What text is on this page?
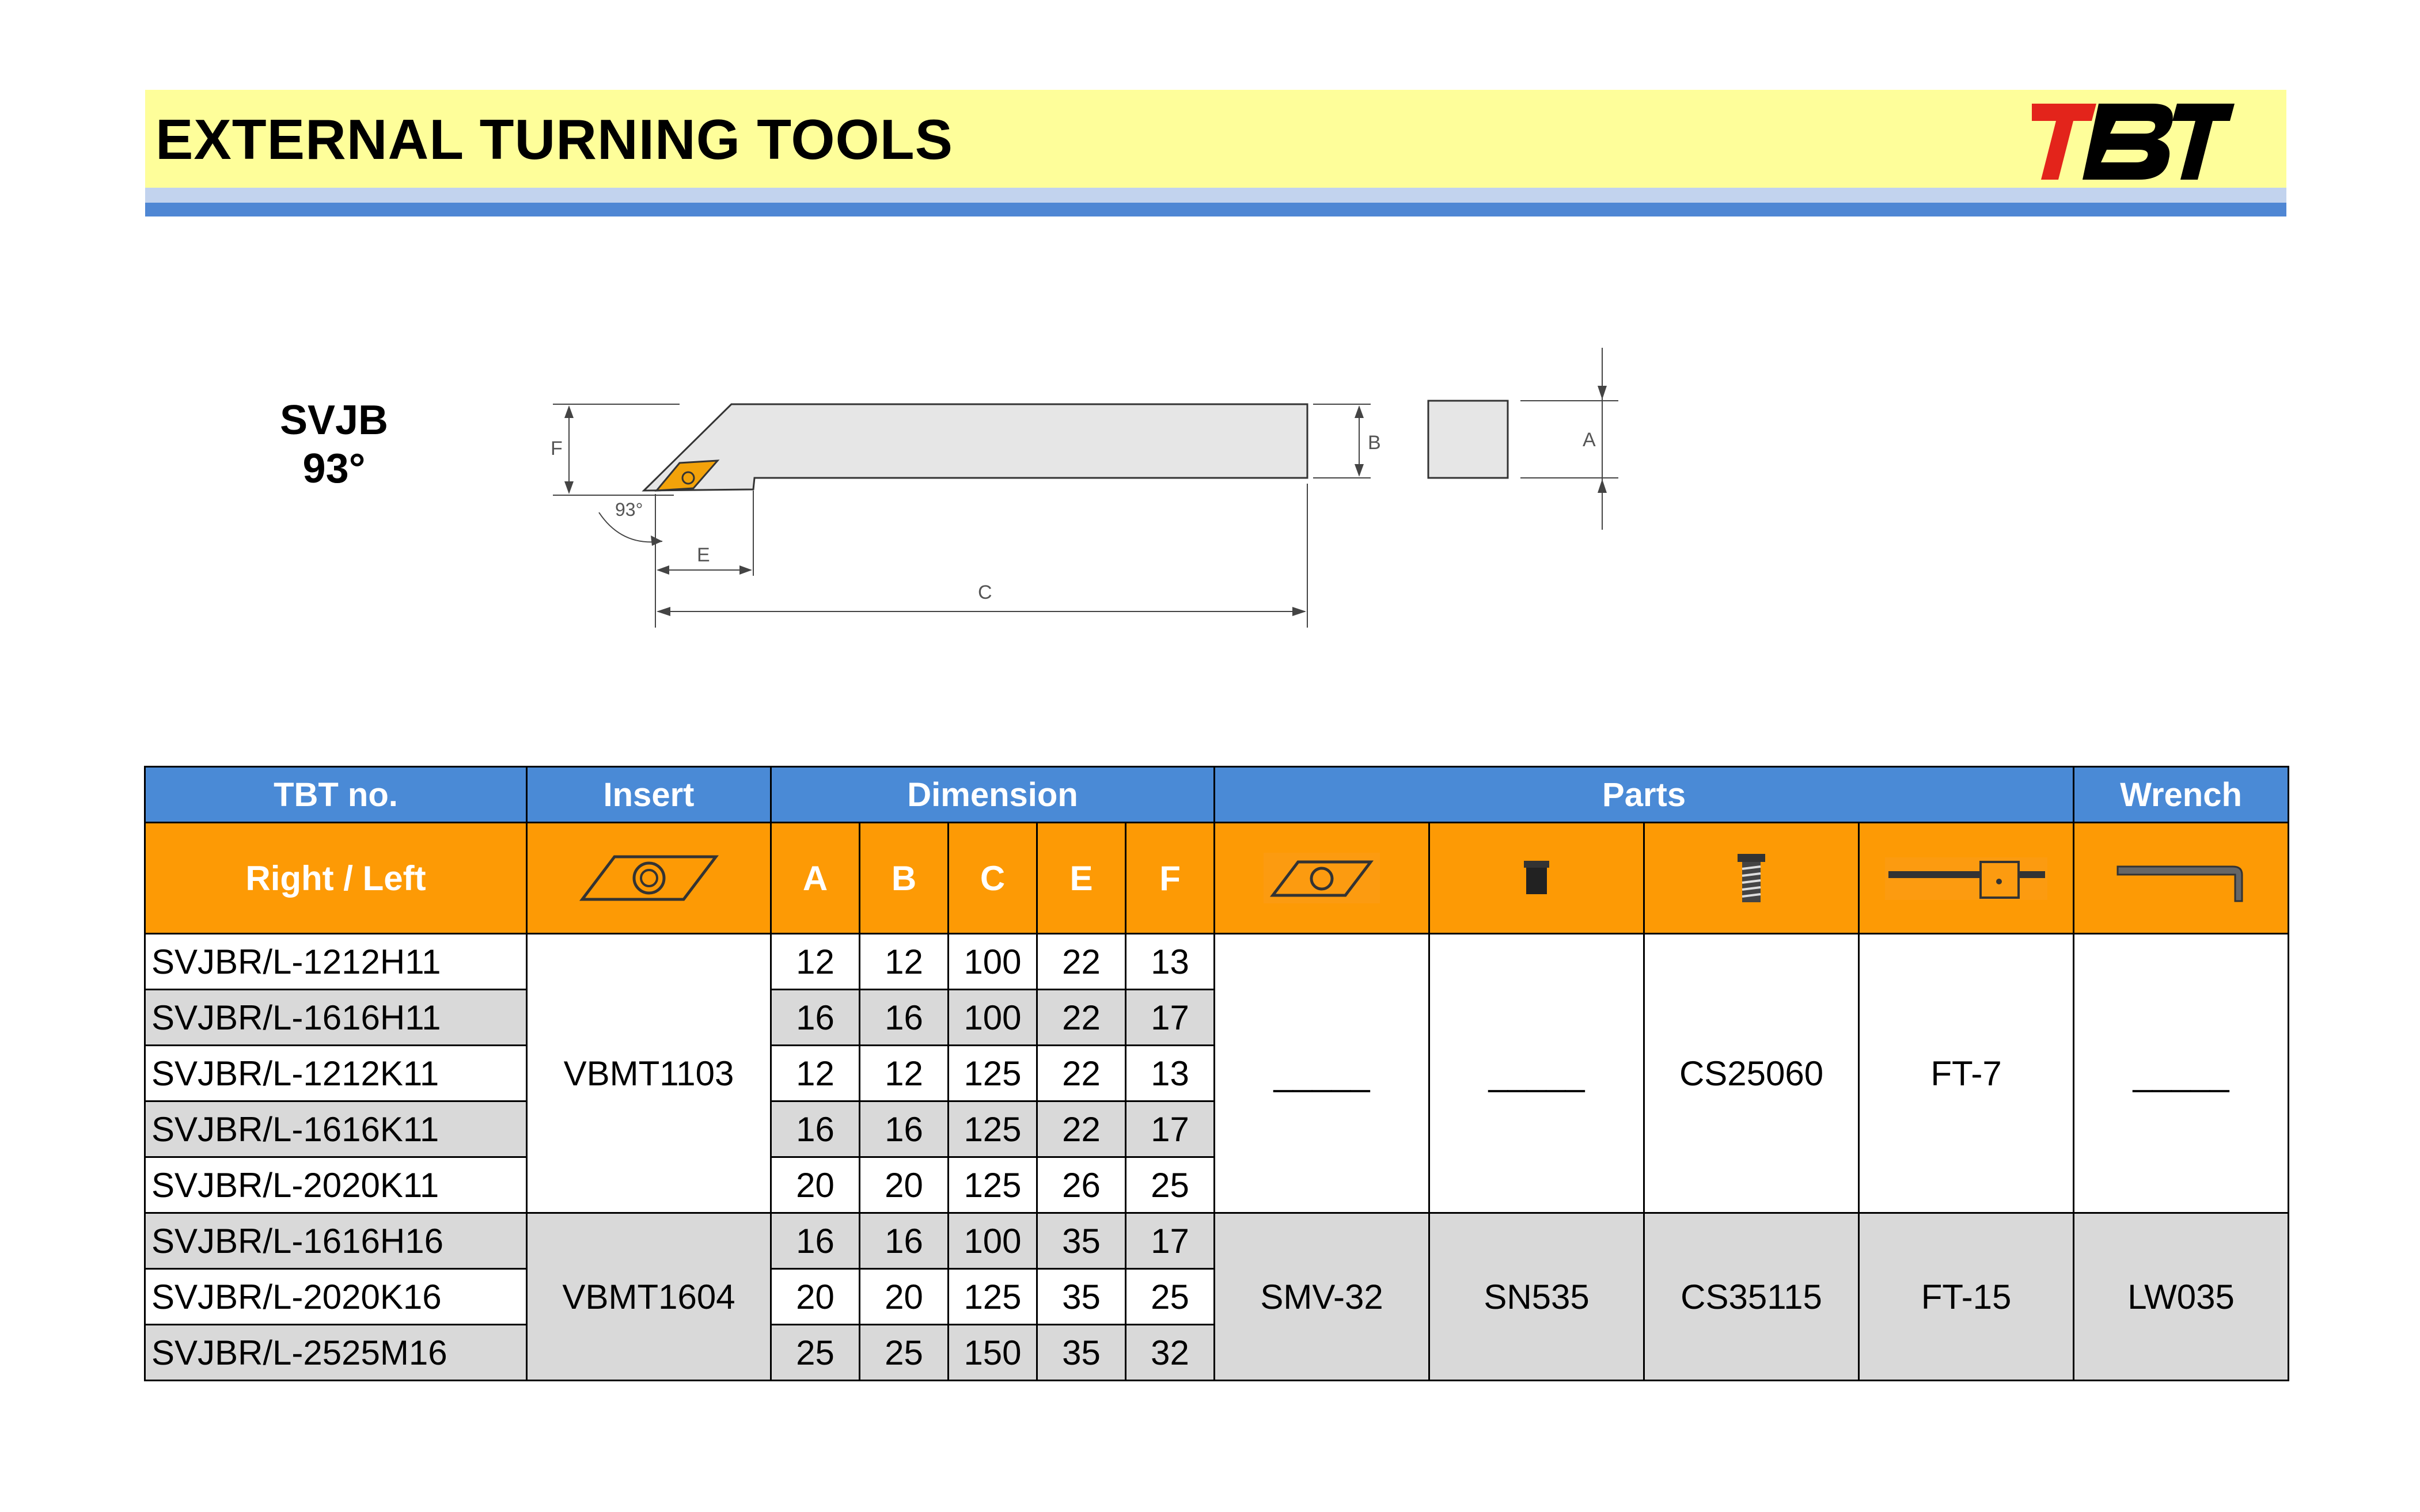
EXTERNAL TURNING TOOLS
SVJB
93°	F
93°
B	A
E
C
TBT no.	Insert	Dimension					Parts				Wrench
Right / Left		A	B	C	E	F					
SVJBR/L-1212H11	VBMT1103	12	12	100	22	13	_____	_____	CS25060	FT-7	_____
SVJBR/L-1616H11		16	16	100	22	17					
SVJBR/L-1212K11		12	12	125	22	13					
SVJBR/L-1616K11		16	16	125	22	17					
SVJBR/L-2020K11		20	20	125	26	25					
SVJBR/L-1616H16	VBMT1604	16	16	100	35	17	SMV-32	SN535	CS35115	FT-15	LW035
SVJBR/L-2020K16		20	20	125	35	25					
SVJBR/L-2525M16		25	25	150	35	32					
